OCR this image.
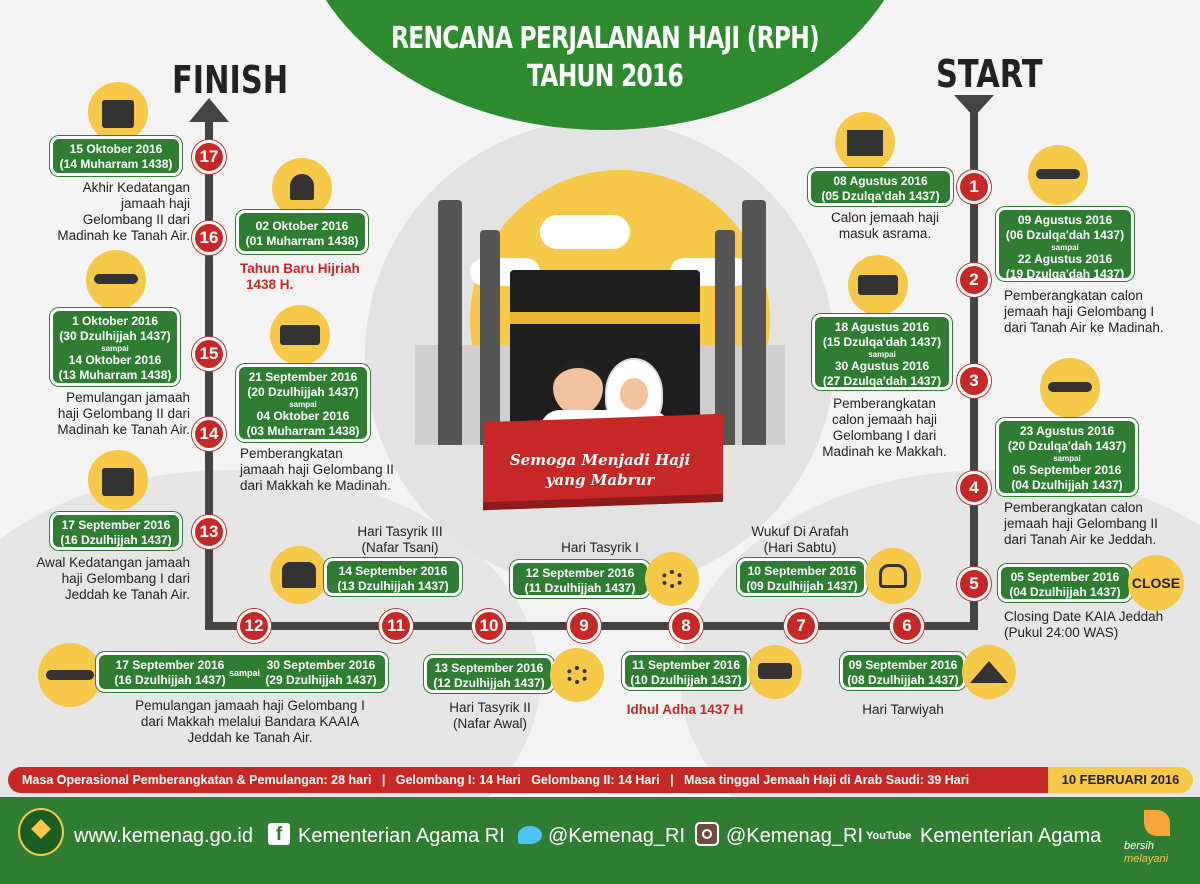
RENCANA PERJALANAN HAJI (RPH)
TAHUN 2016
FINISH	START
Semoga Menjadi Haji
yang Mabrur
08 Agustus 2016
(05 Dzulqa'dah 1437)	1
Calon jemaah haji
masuk asrama.
09 Agustus 2016
(06 Dzulqa'dah 1437)
sampai
22 Agustus 2016
(19 Dzulqa'dah 1437)
2
Pemberangkatan calon
jemaah haji Gelombang I
dari Tanah Air ke Madinah.
18 Agustus 2016
(15 Dzulqa'dah 1437)
sampai
30 Agustus 2016
(27 Dzulqa'dah 1437)	3
Pemberangkatan
calon jemaah haji
Gelombang I dari
Madinah ke Makkah.
23 Agustus 2016
(20 Dzulqa'dah 1437)
sampai
05 September 2016
(04 Dzulhijjah 1437)
4
Pemberangkatan calon
jemaah haji Gelombang II
dari Tanah Air ke Jeddah.
05 September 2016
(04 Dzulhijjah 1437)
CLOSE
5
Closing Date KAIA Jeddah
(Pukul 24:00 WAS)
6
09 September 2016
(08 Dzulhijjah 1437)
Hari Tarwiyah
Wukuf Di Arafah
(Hari Sabtu)
10 September 2016
(09 Dzulhijjah 1437)
7
8
11 September 2016
(10 Dzulhijjah 1437)
Idhul Adha 1437 H
Hari Tasyrik I
12 September 2016
(11 Dzulhijjah 1437)
9
10
13 September 2016
(12 Dzulhijjah 1437)
Hari Tasyrik II
(Nafar Awal)
Hari Tasyrik III
(Nafar Tsani)
14 September 2016
(13 Dzulhijjah 1437)
11
12
17 September 2016
(16 Dzulhijjah 1437) sampai
30 September 2016
(29 Dzulhijjah 1437)
Pemulangan jamaah haji Gelombang I
dari Makkah melalui Bandara KAAIA
Jeddah ke Tanah Air.
17 September 2016
(16 Dzulhijjah 1437)	13
Awal Kedatangan jamaah
haji Gelombang I dari
Jeddah ke Tanah Air.
21 September 2016
(20 Dzulhijjah 1437)
sampai
04 Oktober 2016
(03 Muharram 1438)
14
Pemberangkatan
jamaah haji Gelombang II
dari Makkah ke Madinah.
1 Oktober 2016
(30 Dzulhijjah 1437)
sampai
14 Oktober 2016
(13 Muharram 1438)
15
Pemulangan jamaah
haji Gelombang II dari
Madinah ke Tanah Air.
02 Oktober 2016
(01 Muharram 1438)
16
Tahun Baru Hijriah
1438 H.
15 Oktober 2016
(14 Muharram 1438)	17
Akhir Kedatangan
jamaah haji
Gelombang II dari
Madinah ke Tanah Air.
Masa Operasional Pemberangkatan & Pemulangan: 28 hari   |   Gelombang I: 14 Hari   Gelombang II: 14 Hari   |   Masa tinggal Jemaah Haji di Arab Saudi: 39 Hari	10 FEBRUARI 2016
www.kemenag.go.id	f Kementerian Agama RI @Kemenag_RI @Kemenag_RI YouTube Kementerian Agama bersih
melayani
